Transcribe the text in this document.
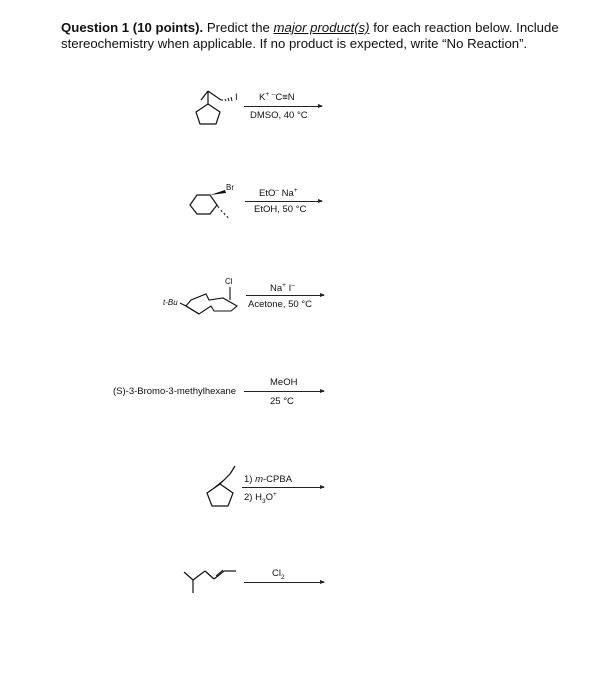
Question 1 (10 points). Predict the major product(s) for each reaction below. Include stereochemistry when applicable. If no product is expected, write “No Reaction”.
I K+ –C≡N
DMSO, 40 °C
Br
EtO– Na+
EtOH, 50 °C
Cl
t-Bu
Na+ I–
Acetone, 50 °C
(S)-3-Bromo-3-methylhexane
MeOH
25 °C
1) m-CPBA
2) $H_3O^+$
$Cl_2$
